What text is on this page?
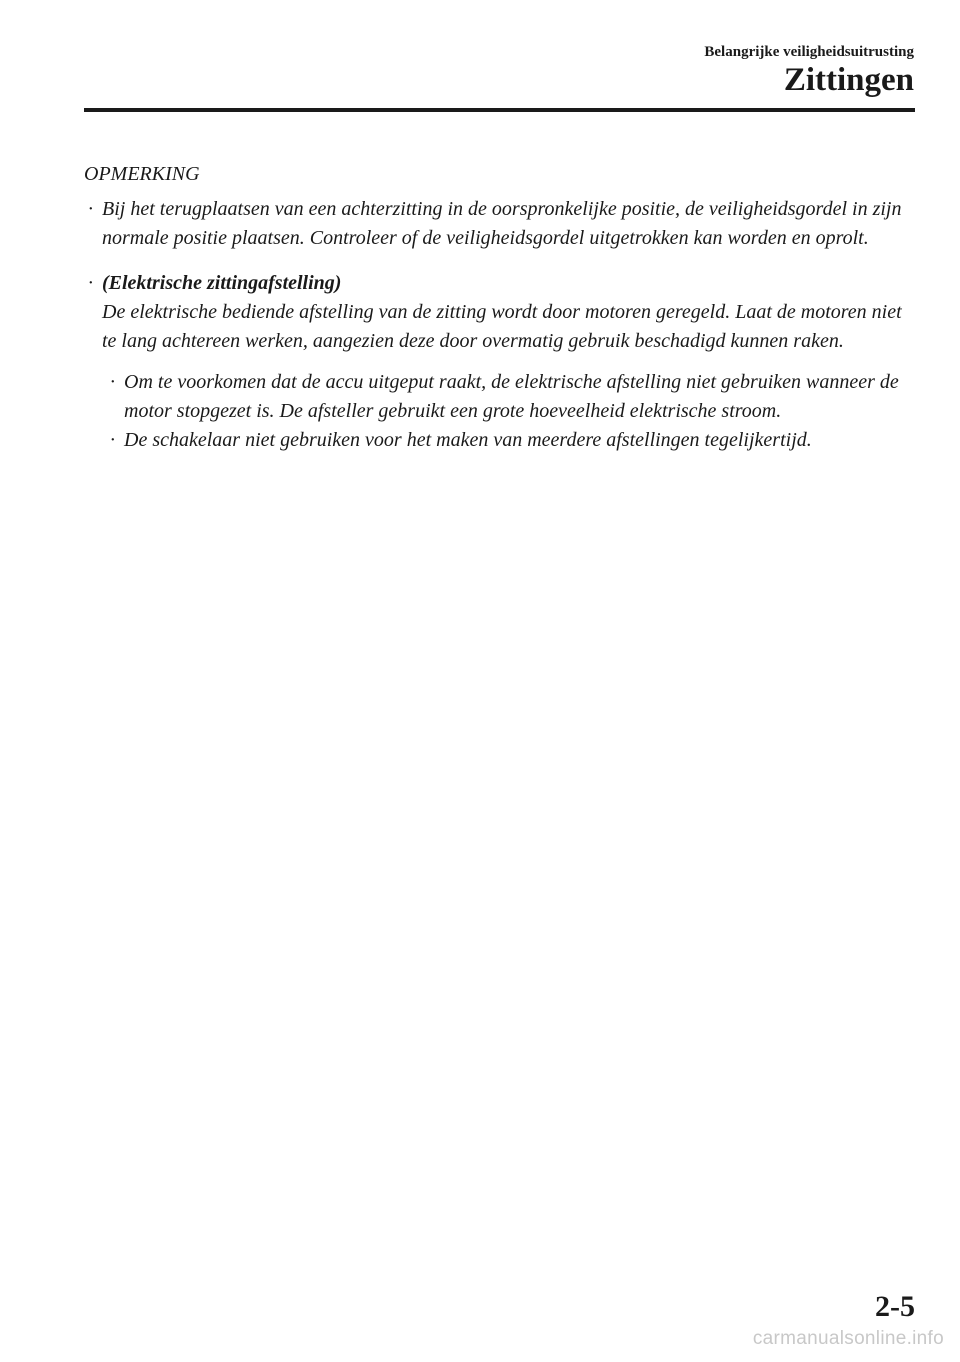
Belangrijke veiligheidsuitrusting
Zittingen
OPMERKING
· Bij het terugplaatsen van een achterzitting in de oorspronkelijke positie, de veiligheidsgordel in zijn normale positie plaatsen. Controleer of de veiligheidsgordel uitgetrokken kan worden en oprolt.
· (Elektrische zittingafstelling)
De elektrische bediende afstelling van de zitting wordt door motoren geregeld. Laat de motoren niet te lang achtereen werken, aangezien deze door overmatig gebruik beschadigd kunnen raken.
· Om te voorkomen dat de accu uitgeput raakt, de elektrische afstelling niet gebruiken wanneer de motor stopgezet is. De afsteller gebruikt een grote hoeveelheid elektrische stroom.
· De schakelaar niet gebruiken voor het maken van meerdere afstellingen tegelijkertijd.
2-5
carmanualsonline.info
